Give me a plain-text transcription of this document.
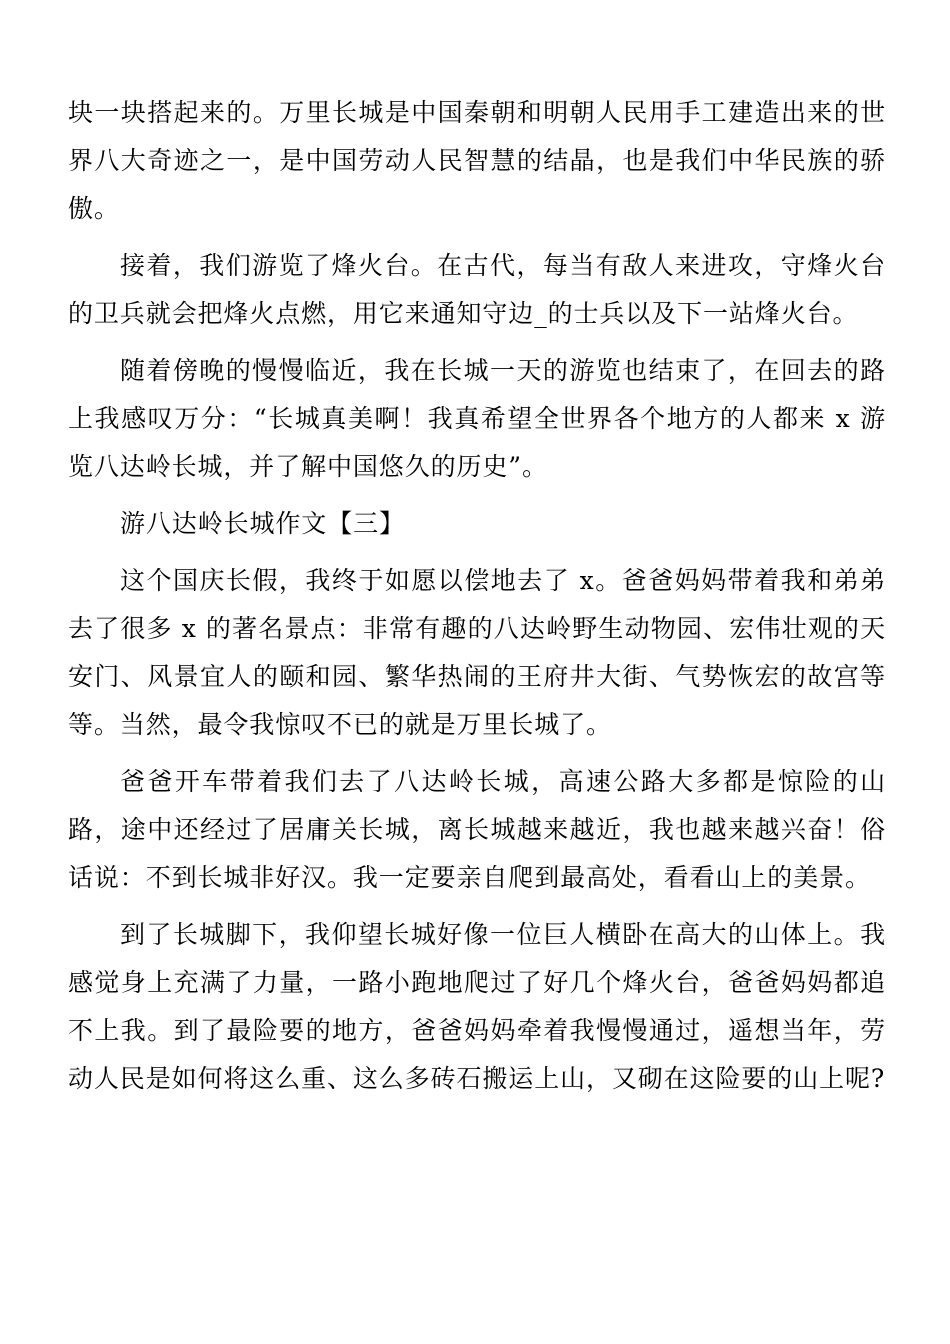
块一块搭起来的。万里长城是中国秦朝和明朝人民用手工建造出来的世界八大奇迹之一，是中国劳动人民智慧的结晶，也是我们中华民族的骄傲。

接着，我们游览了烽火台。在古代，每当有敌人来进攻，守烽火台的卫兵就会把烽火点燃，用它来通知守边_的士兵以及下一站烽火台。

随着傍晚的慢慢临近，我在长城一天的游览也结束了，在回去的路上我感叹万分：“长城真美啊！我真希望全世界各个地方的人都来 x 游览八达岭长城，并了解中国悠久的历史”。

游八达岭长城作文【三】

这个国庆长假，我终于如愿以偿地去了 x。爸爸妈妈带着我和弟弟去了很多 x 的著名景点：非常有趣的八达岭野生动物园、宏伟壮观的天安门、风景宜人的颐和园、繁华热闹的王府井大街、气势恢宏的故宫等等。当然，最令我惊叹不已的就是万里长城了。

爸爸开车带着我们去了八达岭长城，高速公路大多都是惊险的山路，途中还经过了居庸关长城，离长城越来越近，我也越来越兴奋！俗话说：不到长城非好汉。我一定要亲自爬到最高处，看看山上的美景。

到了长城脚下，我仰望长城好像一位巨人横卧在高大的山体上。我感觉身上充满了力量，一路小跑地爬过了好几个烽火台，爸爸妈妈都追不上我。到了最险要的地方，爸爸妈妈牵着我慢慢通过，遥想当年，劳动人民是如何将这么重、这么多砖石搬运上山，又砌在这险要的山上呢?
